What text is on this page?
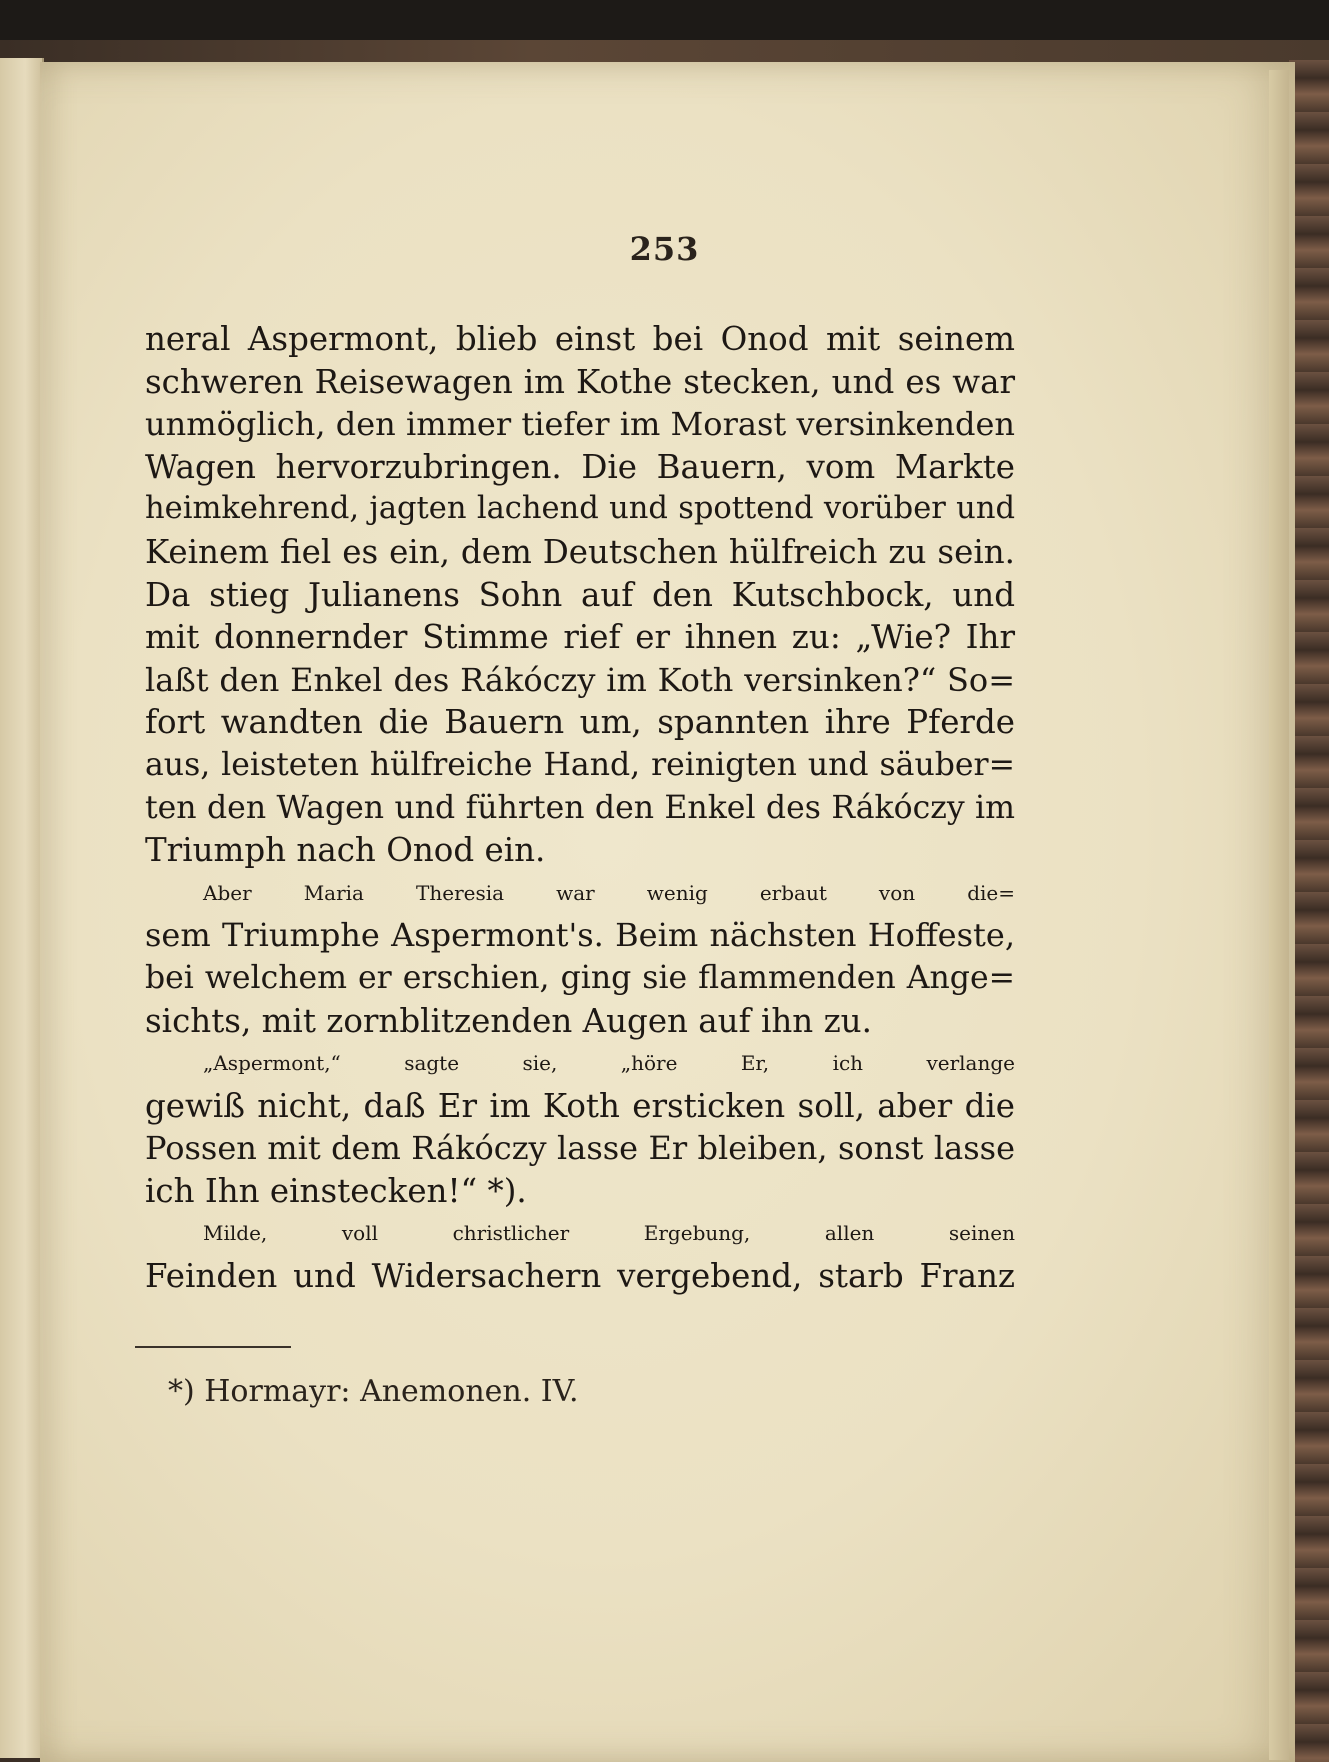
253
neral Aspermont, blieb einst bei Onod mit seinem
schweren Reisewagen im Kothe stecken, und es war
unmöglich, den immer tiefer im Morast versinkenden
Wagen hervorzubringen. Die Bauern, vom Markte
heimkehrend, jagten lachend und spottend vorüber und
Keinem fiel es ein, dem Deutschen hülfreich zu sein.
Da stieg Julianens Sohn auf den Kutschbock, und
mit donnernder Stimme rief er ihnen zu: „Wie? Ihr
laßt den Enkel des Rákóczy im Koth versinken?“ So=
fort wandten die Bauern um, spannten ihre Pferde
aus, leisteten hülfreiche Hand, reinigten und säuber=
ten den Wagen und führten den Enkel des Rákóczy im
Triumph nach Onod ein.
Aber Maria Theresia war wenig erbaut von die=
sem Triumphe Aspermont's. Beim nächsten Hoffeste,
bei welchem er erschien, ging sie flammenden Ange=
sichts, mit zornblitzenden Augen auf ihn zu.
„Aspermont,“ sagte sie, „höre Er, ich verlange
gewiß nicht, daß Er im Koth ersticken soll, aber die
Possen mit dem Rákóczy lasse Er bleiben, sonst lasse
ich Ihn einstecken!“ *).
Milde, voll christlicher Ergebung, allen seinen
Feinden und Widersachern vergebend, starb Franz
*) Hormayr: Anemonen. IV.
